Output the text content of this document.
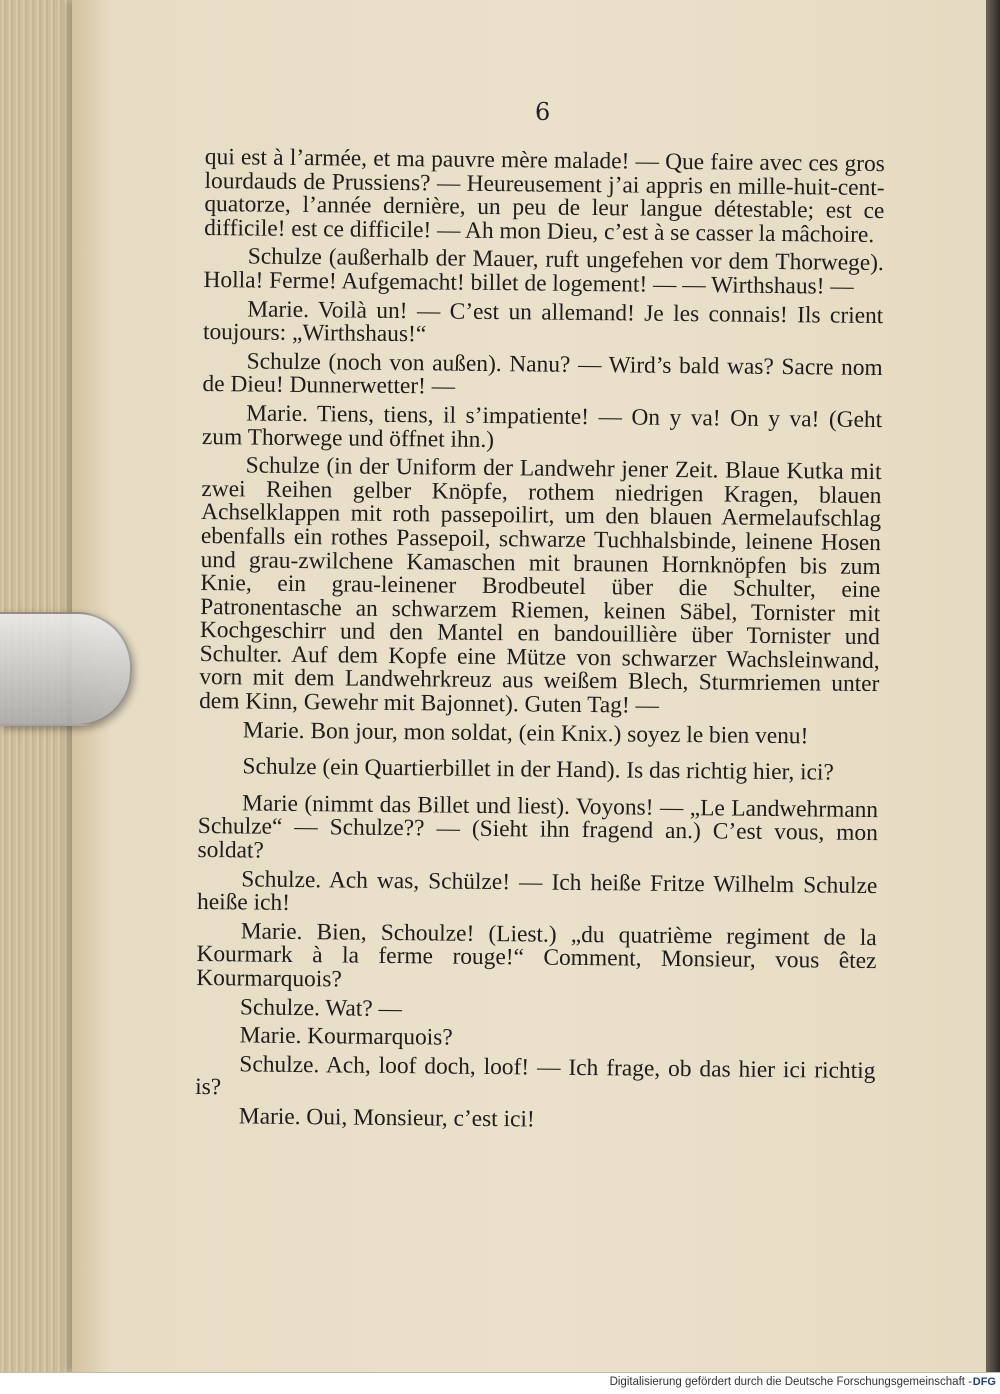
6

qui est à l’armée, et ma pauvre mère malade! — Que faire avec ces gros lourdauds de Prussiens? — Heureusement j’ai appris en mille-huit-cent-quatorze, l’année dernière, un peu de leur langue détestable; est ce difficile! est ce difficile! — Ah mon Dieu, c’est à se casser la mâchoire.

Schulze (außerhalb der Mauer, ruft ungefehen vor dem Thorwege). Holla! Ferme! Aufgemacht! billet de logement! — — Wirthshaus! —

Marie. Voilà un! — C’est un allemand! Je les connais! Ils crient toujours: „Wirthshaus!“

Schulze (noch von außen). Nanu? — Wird’s bald was? Sacre nom de Dieu! Dunnerwetter! —

Marie. Tiens, tiens, il s’impatiente! — On y va! On y va! (Geht zum Thorwege und öffnet ihn.)

Schulze (in der Uniform der Landwehr jener Zeit. Blaue Kutka mit zwei Reihen gelber Knöpfe, rothem niedrigen Kragen, blauen Achselklappen mit roth passepoilirt, um den blauen Aermelaufschlag ebenfalls ein rothes Passepoil, schwarze Tuchhalsbinde, leinene Hosen und grau-zwilchene Kamaschen mit braunen Hornknöpfen bis zum Knie, ein grau-leinener Brodbeutel über die Schulter, eine Patronentasche an schwarzem Riemen, keinen Säbel, Tornister mit Kochgeschirr und den Mantel en bandouillière über Tornister und Schulter. Auf dem Kopfe eine Mütze von schwarzer Wachsleinwand, vorn mit dem Landwehrkreuz aus weißem Blech, Sturmriemen unter dem Kinn, Gewehr mit Bajonnet). Guten Tag! —

Marie. Bon jour, mon soldat, (ein Knix.) soyez le bien venu!

Schulze (ein Quartierbillet in der Hand). Is das richtig hier, ici?

Marie (nimmt das Billet und liest). Voyons! — „Le Landwehrmann Schulze“ — Schulze?? — (Sieht ihn fragend an.) C’est vous, mon soldat?

Schulze. Ach was, Schülze! — Ich heiße Fritze Wilhelm Schulze heiße ich!

Marie. Bien, Schoulze! (Liest.) „du quatrième regiment de la Kourmark à la ferme rouge!“ Comment, Monsieur, vous êtez Kourmarquois?

Schulze. Wat? —

Marie. Kourmarquois?

Schulze. Ach, loof doch, loof! — Ich frage, ob das hier ici richtig is?

Marie. Oui, Monsieur, c’est ici!

Digitalisierung gefördert durch die Deutsche Forschungsgemeinschaft - DFG
